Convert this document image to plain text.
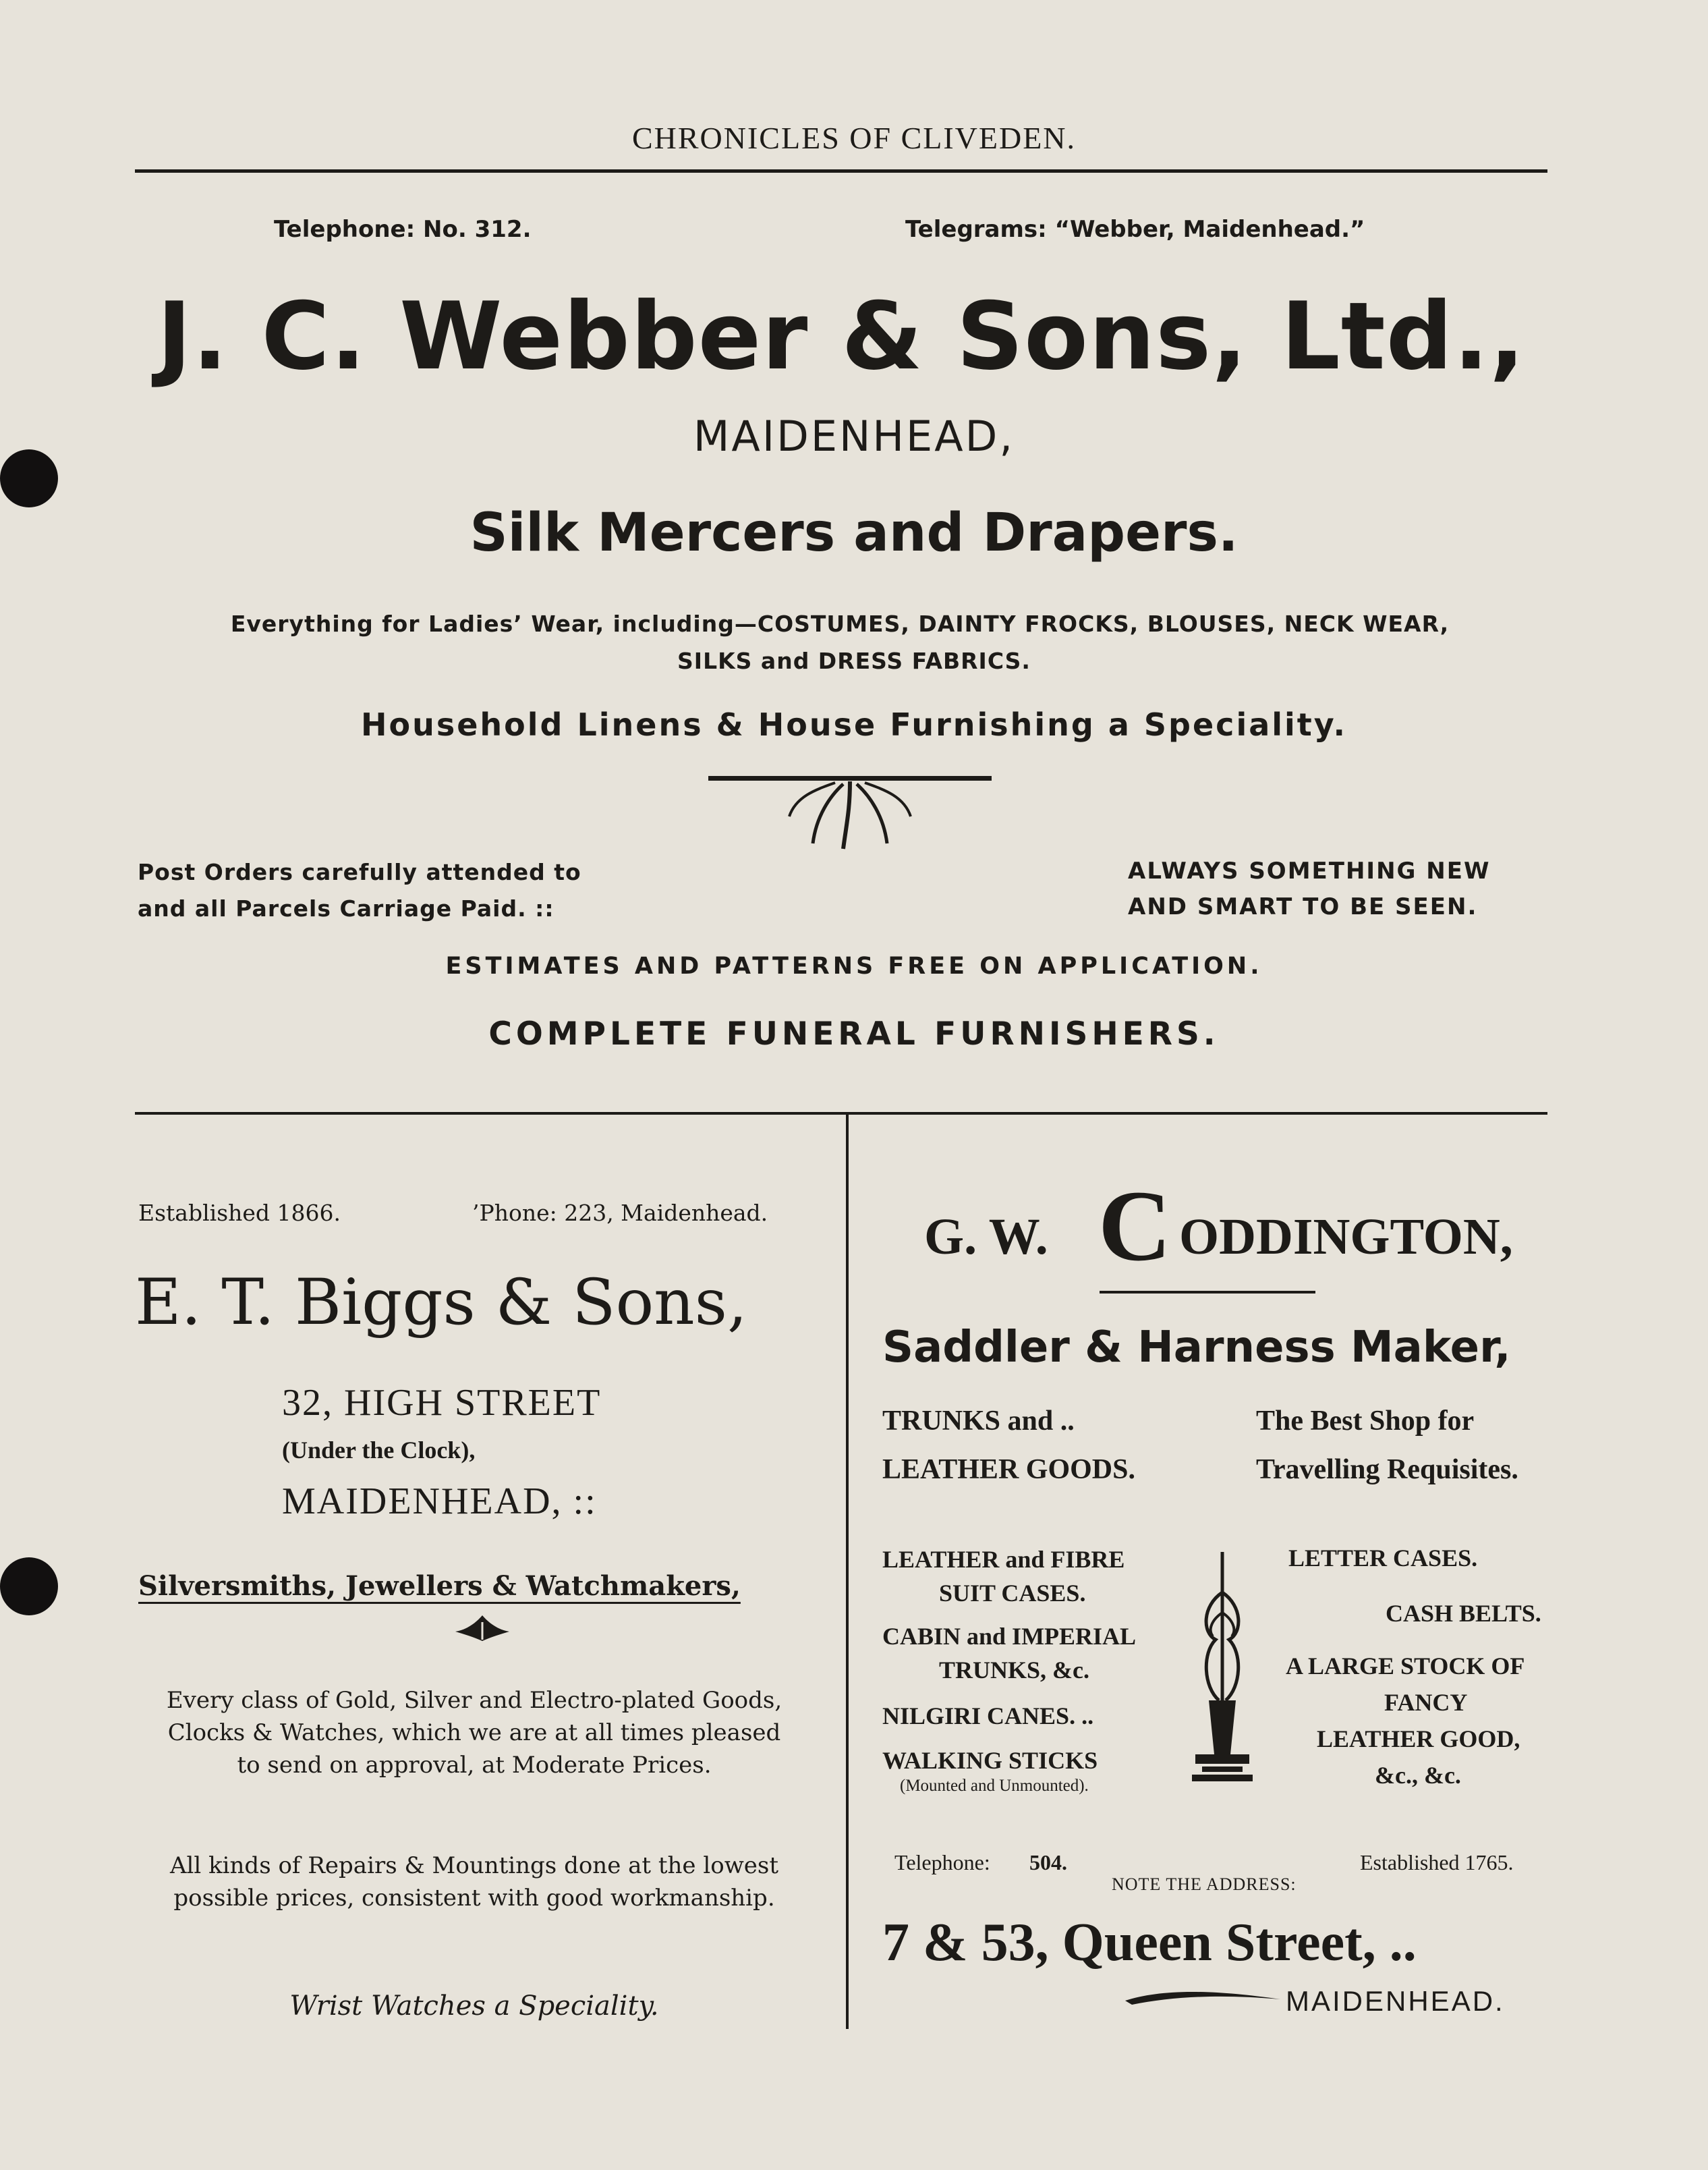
CHRONICLES OF CLIVEDEN.
Telephone: No. 312.	Telegrams: “Webber, Maidenhead.”
J. C. Webber & Sons, Ltd.,
MAIDENHEAD,
Silk Mercers and Drapers.
Everything for Ladies’ Wear, including—COSTUMES, DAINTY FROCKS, BLOUSES, NECK WEAR,
SILKS and DRESS FABRICS.
Household Linens & House Furnishing a Speciality.
Post Orders carefully attended to
and all Parcels Carriage Paid. ::
ALWAYS SOMETHING NEW
AND SMART TO BE SEEN.
ESTIMATES AND PATTERNS FREE ON APPLICATION.
COMPLETE FUNERAL FURNISHERS.
Established 1866.	’Phone: 223, Maidenhead.
E. T. Biggs & Sons,
32, HIGH STREET
(Under the Clock),
MAIDENHEAD, ::
Silversmiths, Jewellers & Watchmakers,
Every class of Gold, Silver and Electro-plated Goods,
Clocks & Watches, which we are at all times pleased
to send on approval, at Moderate Prices.
All kinds of Repairs & Mountings done at the lowest
possible prices, consistent with good workmanship.
Wrist Watches a Speciality.
G. W. C ODDINGTON,
Saddler & Harness Maker,
TRUNKS and ..
LEATHER GOODS.
The Best Shop for
Travelling Requisites.
LEATHER and FIBRE
SUIT CASES.
CABIN and IMPERIAL
TRUNKS, &c.
NILGIRI CANES. ..
WALKING STICKS
(Mounted and Unmounted).
LETTER CASES.
CASH BELTS.
A LARGE STOCK OF
FANCY
LEATHER GOOD,
&c., &c.
Telephone: 504.	Established 1765.
NOTE THE ADDRESS:
7 & 53, Queen Street, ..
MAIDENHEAD.
